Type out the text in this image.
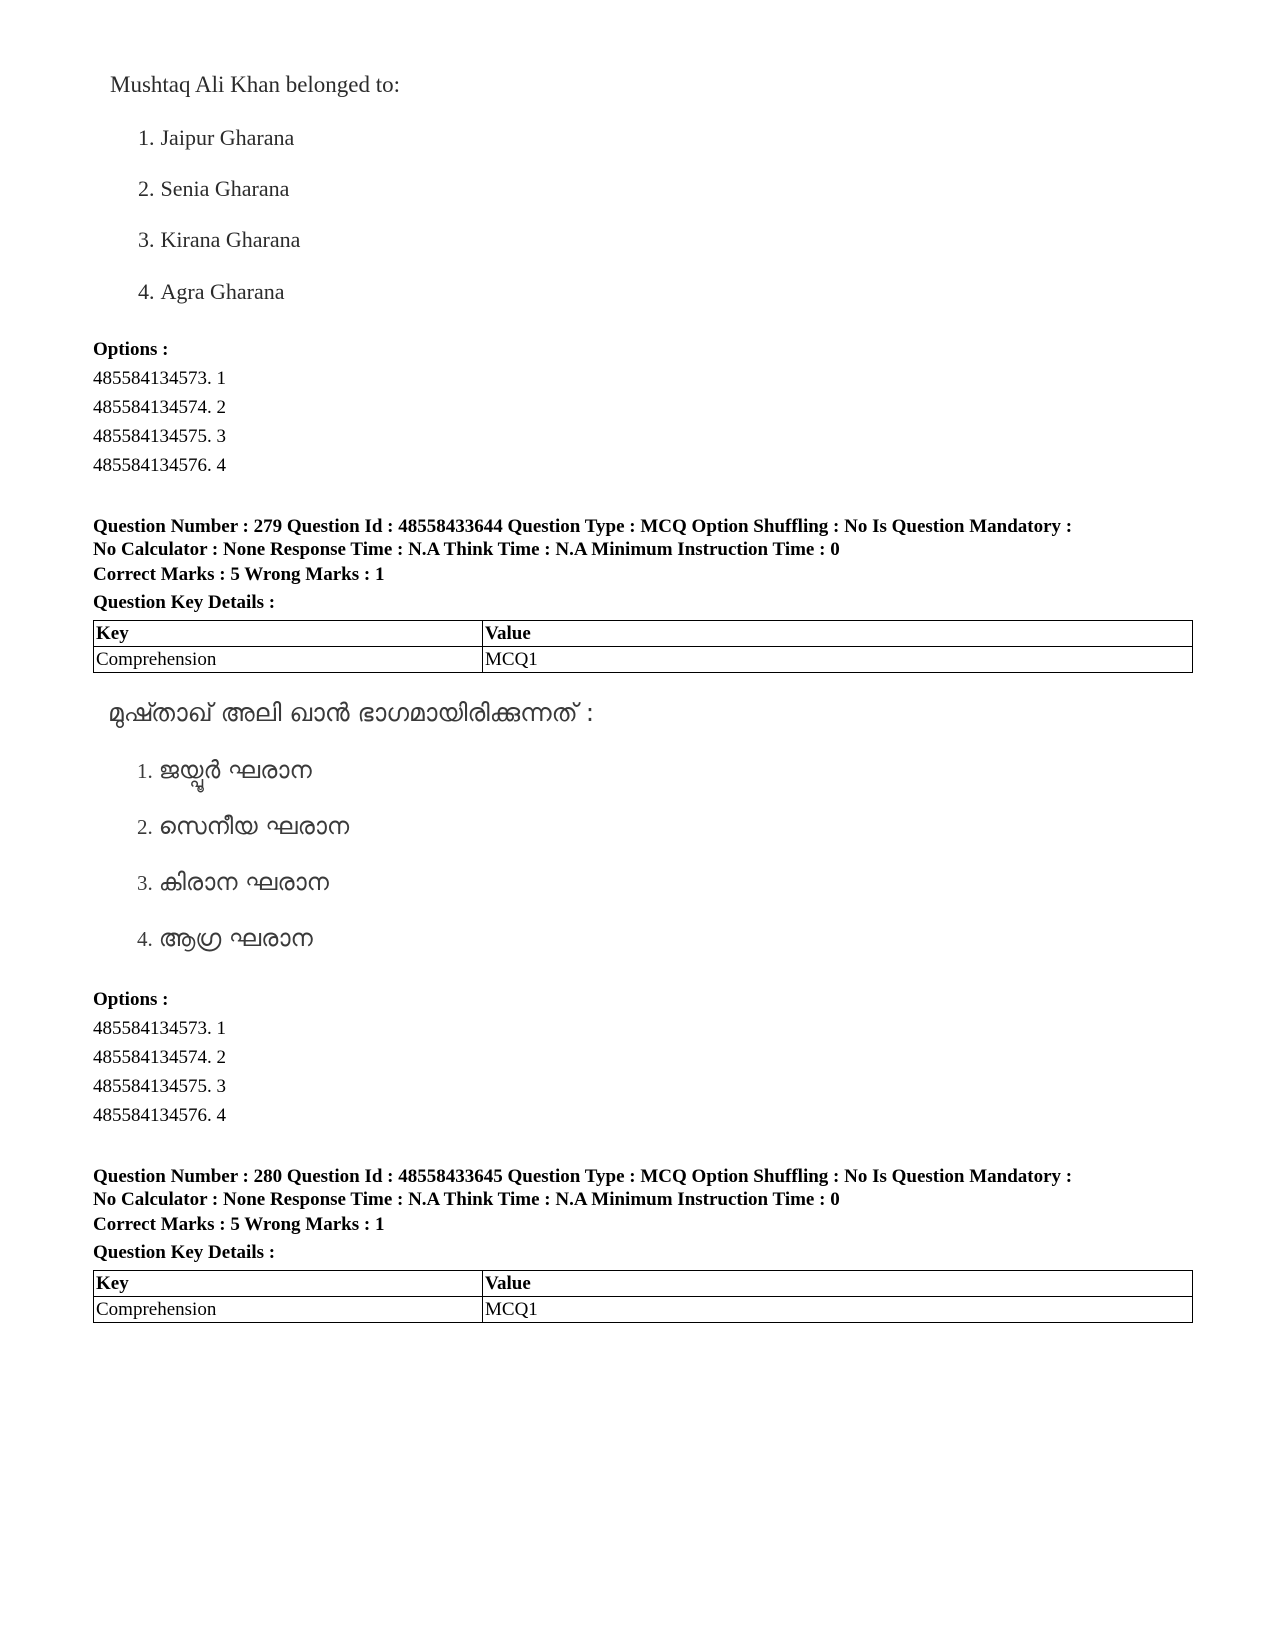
Mushtaq Ali Khan belonged to:
1. Jaipur Gharana
2. Senia Gharana
3. Kirana Gharana
4. Agra Gharana
Options :
485584134573. 1
485584134574. 2
485584134575. 3
485584134576. 4
Question Number : 279 Question Id : 48558433644 Question Type : MCQ Option Shuffling : No Is Question Mandatory :
No Calculator : None Response Time : N.A Think Time : N.A Minimum Instruction Time : 0
Correct Marks : 5 Wrong Marks : 1
Question Key Details :
Key	Value
Comprehension	MCQ1
മുഷ്താഖ് അലി ഖാൻ ഭാഗമായിരിക്കുന്നത് :
1. ജയ്പൂർ ഘരാന
2. സെനീയ ഘരാന
3. കിരാന ഘരാന
4. ആഗ്ര ഘരാന
Options :
485584134573. 1
485584134574. 2
485584134575. 3
485584134576. 4
Question Number : 280 Question Id : 48558433645 Question Type : MCQ Option Shuffling : No Is Question Mandatory :
No Calculator : None Response Time : N.A Think Time : N.A Minimum Instruction Time : 0
Correct Marks : 5 Wrong Marks : 1
Question Key Details :
Key	Value
Comprehension	MCQ1
